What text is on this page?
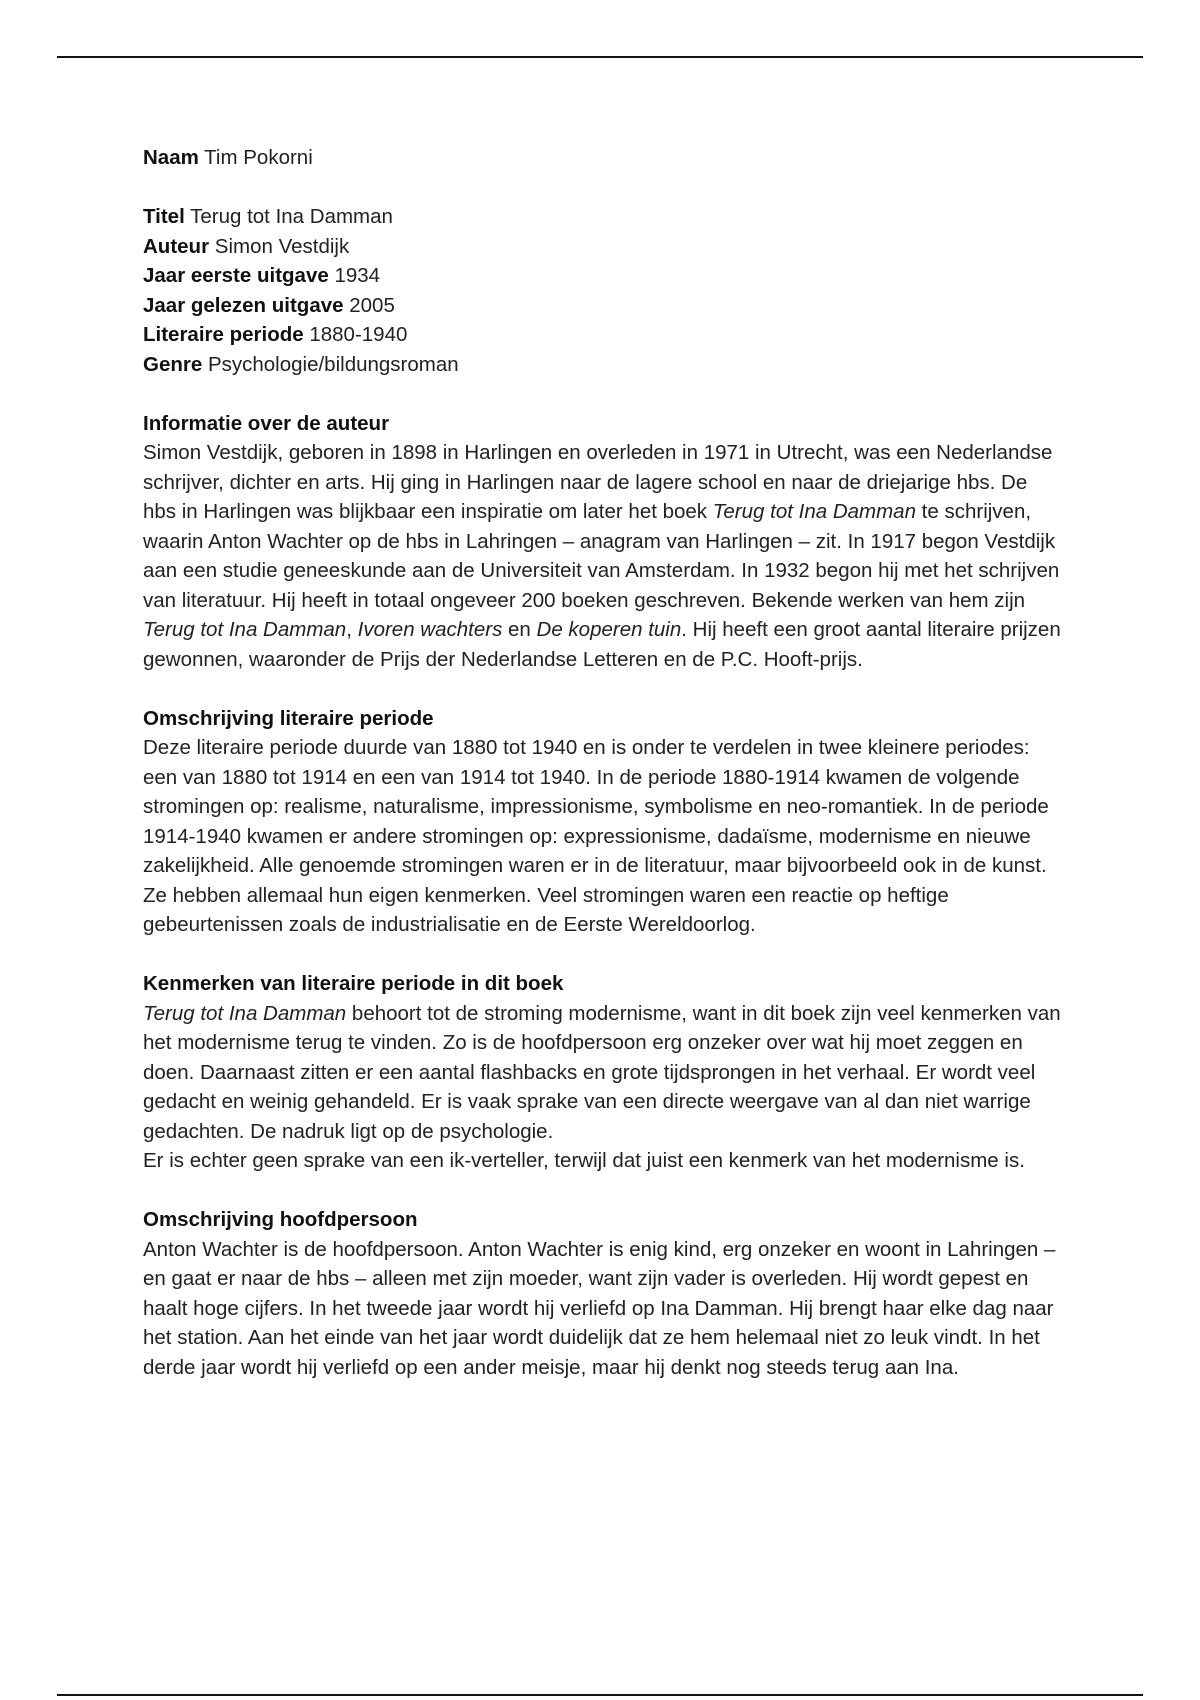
Naam Tim Pokorni

Titel Terug tot Ina Damman

Auteur Simon Vestdijk

Jaar eerste uitgave 1934

Jaar gelezen uitgave 2005

Literaire periode 1880-1940

Genre Psychologie/bildungsroman

Informatie over de auteur

Simon Vestdijk, geboren in 1898 in Harlingen en overleden in 1971 in Utrecht, was een Nederlandse schrijver, dichter en arts. Hij ging in Harlingen naar de lagere school en naar de driejarige hbs. De hbs in Harlingen was blijkbaar een inspiratie om later het boek Terug tot Ina Damman te schrijven, waarin Anton Wachter op de hbs in Lahringen – anagram van Harlingen – zit. In 1917 begon Vestdijk aan een studie geneeskunde aan de Universiteit van Amsterdam. In 1932 begon hij met het schrijven van literatuur. Hij heeft in totaal ongeveer 200 boeken geschreven. Bekende werken van hem zijn Terug tot Ina Damman, Ivoren wachters en De koperen tuin. Hij heeft een groot aantal literaire prijzen gewonnen, waaronder de Prijs der Nederlandse Letteren en de P.C. Hooft-prijs.

Omschrijving literaire periode

Deze literaire periode duurde van 1880 tot 1940 en is onder te verdelen in twee kleinere periodes: een van 1880 tot 1914 en een van 1914 tot 1940. In de periode 1880-1914 kwamen de volgende stromingen op: realisme, naturalisme, impressionisme, symbolisme en neo-romantiek. In de periode 1914-1940 kwamen er andere stromingen op: expressionisme, dadaïsme, modernisme en nieuwe zakelijkheid. Alle genoemde stromingen waren er in de literatuur, maar bijvoorbeeld ook in de kunst. Ze hebben allemaal hun eigen kenmerken. Veel stromingen waren een reactie op heftige gebeurtenissen zoals de industrialisatie en de Eerste Wereldoorlog.

Kenmerken van literaire periode in dit boek

Terug tot Ina Damman behoort tot de stroming modernisme, want in dit boek zijn veel kenmerken van het modernisme terug te vinden. Zo is de hoofdpersoon erg onzeker over wat hij moet zeggen en doen. Daarnaast zitten er een aantal flashbacks en grote tijdsprongen in het verhaal. Er wordt veel gedacht en weinig gehandeld. Er is vaak sprake van een directe weergave van al dan niet warrige gedachten. De nadruk ligt op de psychologie.

Er is echter geen sprake van een ik-verteller, terwijl dat juist een kenmerk van het modernisme is.

Omschrijving hoofdpersoon

Anton Wachter is de hoofdpersoon. Anton Wachter is enig kind, erg onzeker en woont in Lahringen – en gaat er naar de hbs – alleen met zijn moeder, want zijn vader is overleden. Hij wordt gepest en haalt hoge cijfers. In het tweede jaar wordt hij verliefd op Ina Damman. Hij brengt haar elke dag naar het station. Aan het einde van het jaar wordt duidelijk dat ze hem helemaal niet zo leuk vindt. In het derde jaar wordt hij verliefd op een ander meisje, maar hij denkt nog steeds terug aan Ina.
